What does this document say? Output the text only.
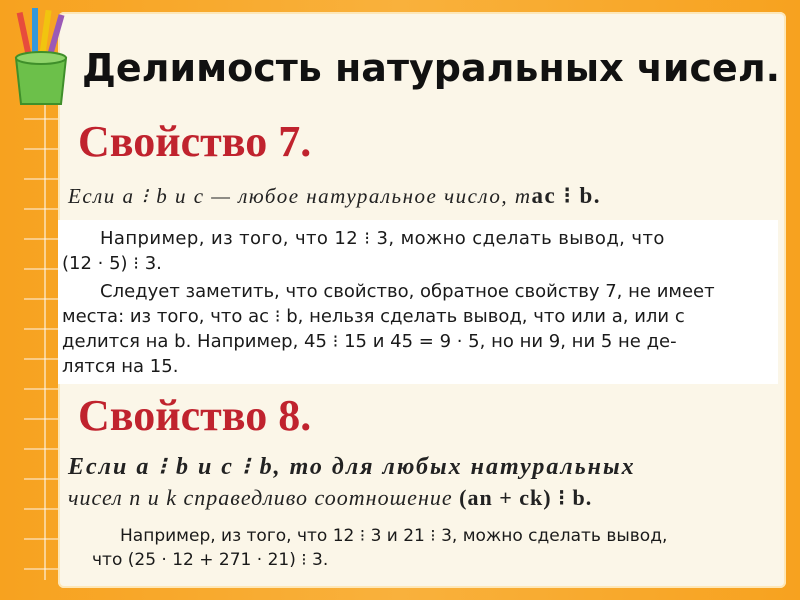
Делимость натуральных чисел.
Свойство 7.
Если a ⁝ b и c — любое натуральное число, тac ⁝ b.
Например, из того, что 12 ⁝ 3, можно сделать вывод, что
(12 · 5) ⁝ 3.
Следует заметить, что свойство, обратное свойству 7, не имеет
места: из того, что ac ⁝ b, нельзя сделать вывод, что или a, или c
делится на b. Например, 45 ⁝ 15 и 45 = 9 · 5, но ни 9, ни 5 не де-
лятся на 15.
Свойство 8.
Если a ⁝ b и c ⁝ b, то для любых натуральных
чисел n и k справедливо соотношение (an + ck) ⁝ b.
Например, из того, что 12 ⁝ 3 и 21 ⁝ 3, можно сделать вывод,
что (25 · 12 + 271 · 21) ⁝ 3.
